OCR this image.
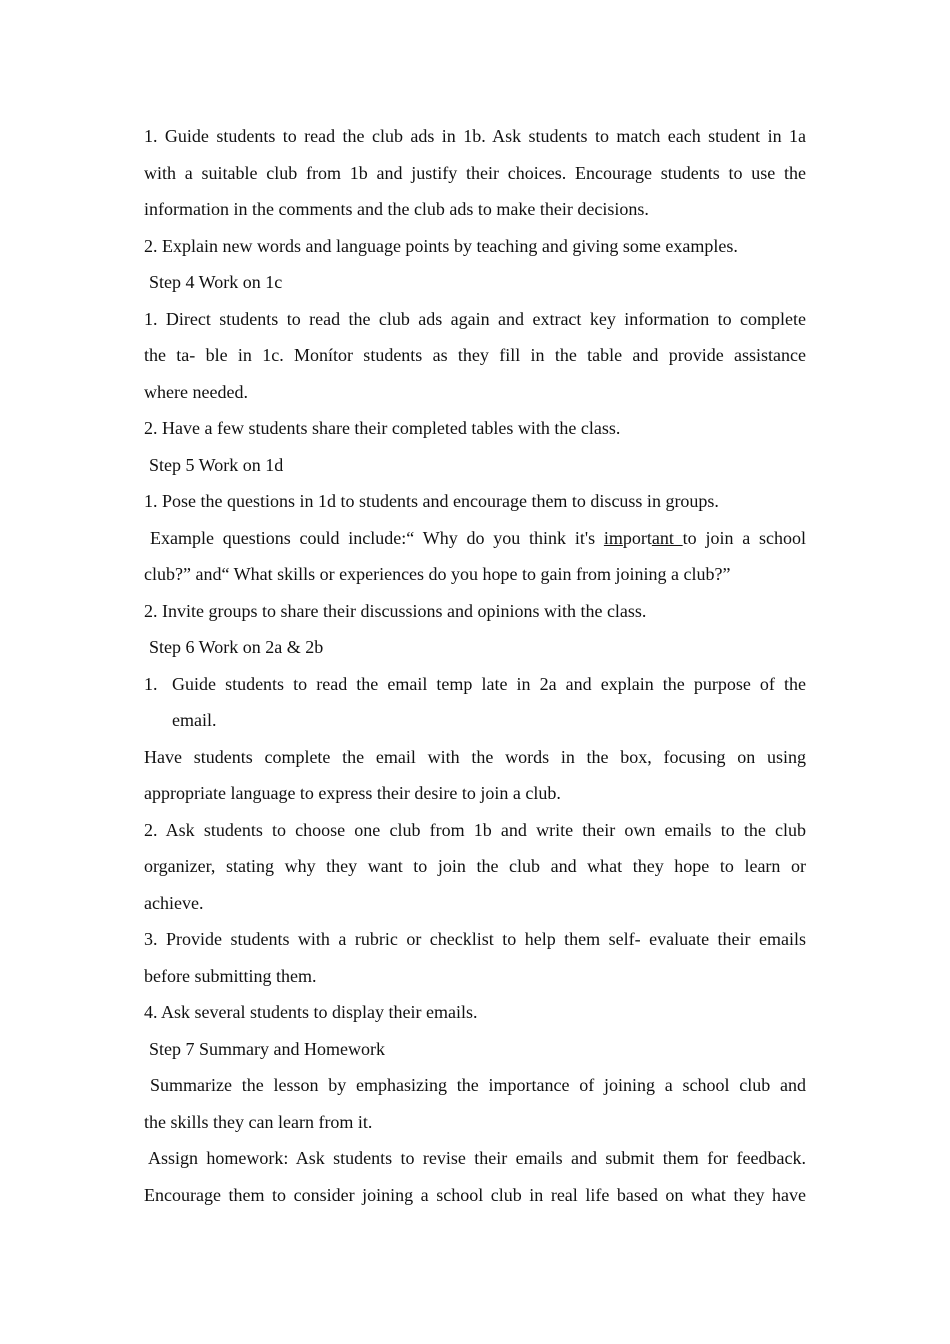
1. Guide students to read the club ads in 1b. Ask students to match each student in 1a
with a suitable club from 1b and justify their choices. Encourage students to use the
information in the comments and the club ads to make their decisions.
2. Explain new words and language points by teaching and giving some examples.
Step 4 Work on 1c
1. Direct students to read the club ads again and extract key information to complete
the ta- ble in 1c. Monítor students as they fill in the table and provide assistance
where needed.
2. Have a few students share their completed tables with the class.
Step 5 Work on 1d
1. Pose the questions in 1d to students and encourage them to discuss in groups.
Example questions could include:“ Why do you think it's important to join a school
club?” and“ What skills or experiences do you hope to gain from joining a club?”
2. Invite groups to share their discussions and opinions with the class.
Step 6 Work on 2a & 2b
1. Guide students to read the email temp late in 2a and explain the purpose of the
email.
Have students complete the email with the words in the box, focusing on using
appropriate language to express their desire to join a club.
2. Ask students to choose one club from 1b and write their own emails to the club
organizer, stating why they want to join the club and what they hope to learn or
achieve.
3. Provide students with a rubric or checklist to help them self- evaluate their emails
before submitting them.
4. Ask several students to display their emails.
Step 7 Summary and Homework
Summarize the lesson by emphasizing the importance of joining a school club and
the skills they can learn from it.
Assign homework: Ask students to revise their emails and submit them for feedback.
Encourage them to consider joining a school club in real life based on what they have
